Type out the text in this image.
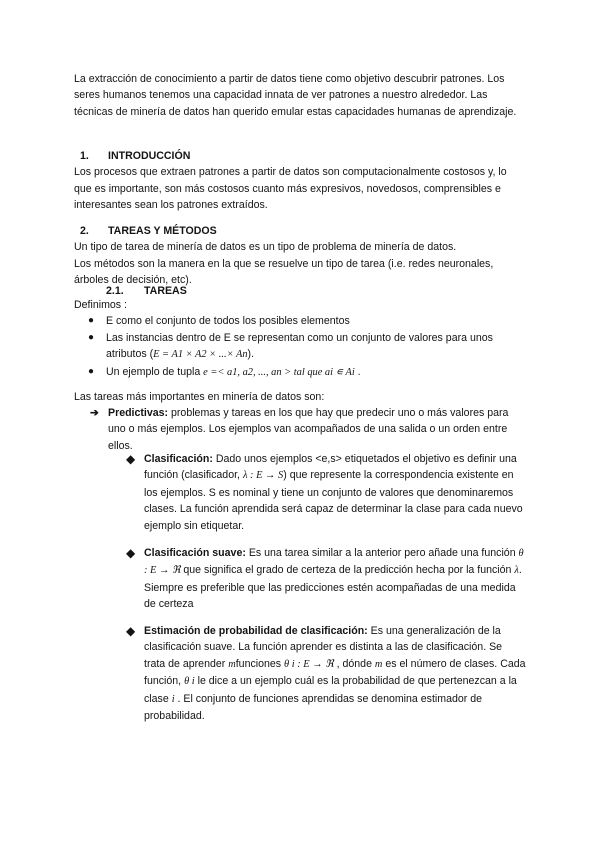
La extracción de conocimiento a partir de datos tiene como objetivo descubrir patrones. Los seres humanos tenemos una capacidad innata de ver patrones a nuestro alrededor. Las técnicas de minería de datos han querido emular estas capacidades humanas de aprendizaje.

1. INTRODUCCIÓN

Los procesos que extraen patrones a partir de datos son computacionalmente costosos y, lo que es importante, son más costosos cuanto más expresivos, novedosos, comprensibles e interesantes sean los patrones extraídos.

2. TAREAS Y MÉTODOS

Un tipo de tarea de minería de datos es un tipo de problema de minería de datos.

Los métodos son la manera en la que se resuelve un tipo de tarea (i.e. redes neuronales, árboles de decisión, etc).

2.1. TAREAS

Definimos :

● E como el conjunto de todos los posibles elementos
● Las instancias dentro de E se representan como un conjunto de valores para unos atributos (E = A1 × A2 × ...× An).
● Un ejemplo de tupla e =< a1, a2, ..., an > tal que ai ∊ Ai .

Las tareas más importantes en minería de datos son:

➔ Predictivas: problemas y tareas en los que hay que predecir uno o más valores para uno o más ejemplos. Los ejemplos van acompañados de una salida o un orden entre ellos.
◆ Clasificación: Dado unos ejemplos <e,s> etiquetados el objetivo es definir una función (clasificador, λ : E → S) que represente la correspondencia existente en los ejemplos. S es nominal y tiene un conjunto de valores que denominaremos clases. La función aprendida será capaz de determinar la clase para cada nuevo ejemplo sin etiquetar.
◆ Clasificación suave: Es una tarea similar a la anterior pero añade una función θ : E → ℜ que significa el grado de certeza de la predicción hecha por la función λ. Siempre es preferible que las predicciones estén acompañadas de una medida de certeza
◆ Estimación de probabilidad de clasificación: Es una generalización de la clasificación suave. La función aprender es distinta a las de clasificación. Se trata de aprender mfunciones θ i : E → ℜ , dónde m es el número de clases. Cada función, θ i le dice a un ejemplo cuál es la probabilidad de que pertenezcan a la clase i . El conjunto de funciones aprendidas se denomina estimador de probabilidad.
